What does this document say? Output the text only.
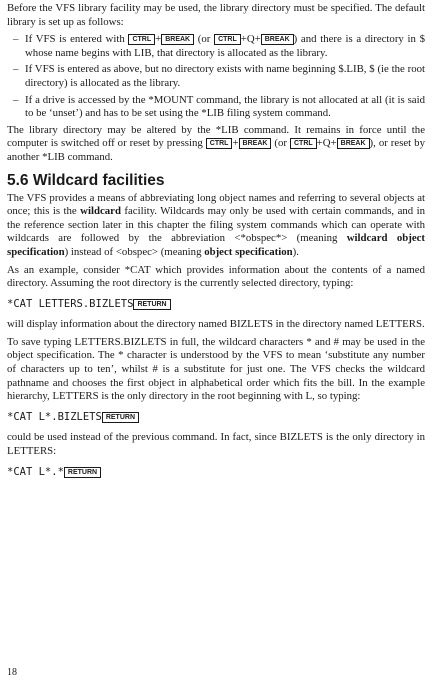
Before the VFS library facility may be used, the library directory must be specified. The default library is set up as follows:

– If VFS is entered with CTRL + BREAK (or CTRL +Q+ BREAK ) and there is a directory in $ whose name begins with LIB, that directory is allocated as the library.
– If VFS is entered as above, but no directory exists with name beginning $.LIB, $ (ie the root directory) is allocated as the library.
– If a drive is accessed by the *MOUNT command, the library is not allocated at all (it is said to be ‘unset’) and has to be set using the *LIB filing system command.

The library directory may be altered by the *LIB command. It remains in force until the computer is switched off or reset by pressing CTRL + BREAK (or CTRL +Q+ BREAK ), or reset by another *LIB command.

5.6 Wildcard facilities

The VFS provides a means of abbreviating long object names and referring to several objects at once; this is the wildcard facility. Wildcards may only be used with certain commands, and in the reference section later in this chapter the filing system commands which can operate with wildcards are followed by the abbreviation <*obspec*> (meaning wildcard object specification) instead of <obspec> (meaning object specification).

As an example, consider *CAT which provides information about the contents of a named directory. Assuming the root directory is the currently selected directory, typing:

*CAT LETTERS.BIZLETS RETURN

will display information about the directory named BIZLETS in the directory named LETTERS.

To save typing LETTERS.BIZLETS in full, the wildcard characters * and # may be used in the object specification. The * character is understood by the VFS to mean ‘substitute any number of characters up to ten’, whilst # is a substitute for just one. The VFS checks the wildcard pathname and chooses the first object in alphabetical order which fits the bill. In the example hierarchy, LETTERS is the only directory in the root beginning with L, so typing:

*CAT L*.BIZLETS RETURN

could be used instead of the previous command. In fact, since BIZLETS is the only directory in LETTERS:

*CAT L*.* RETURN
18
